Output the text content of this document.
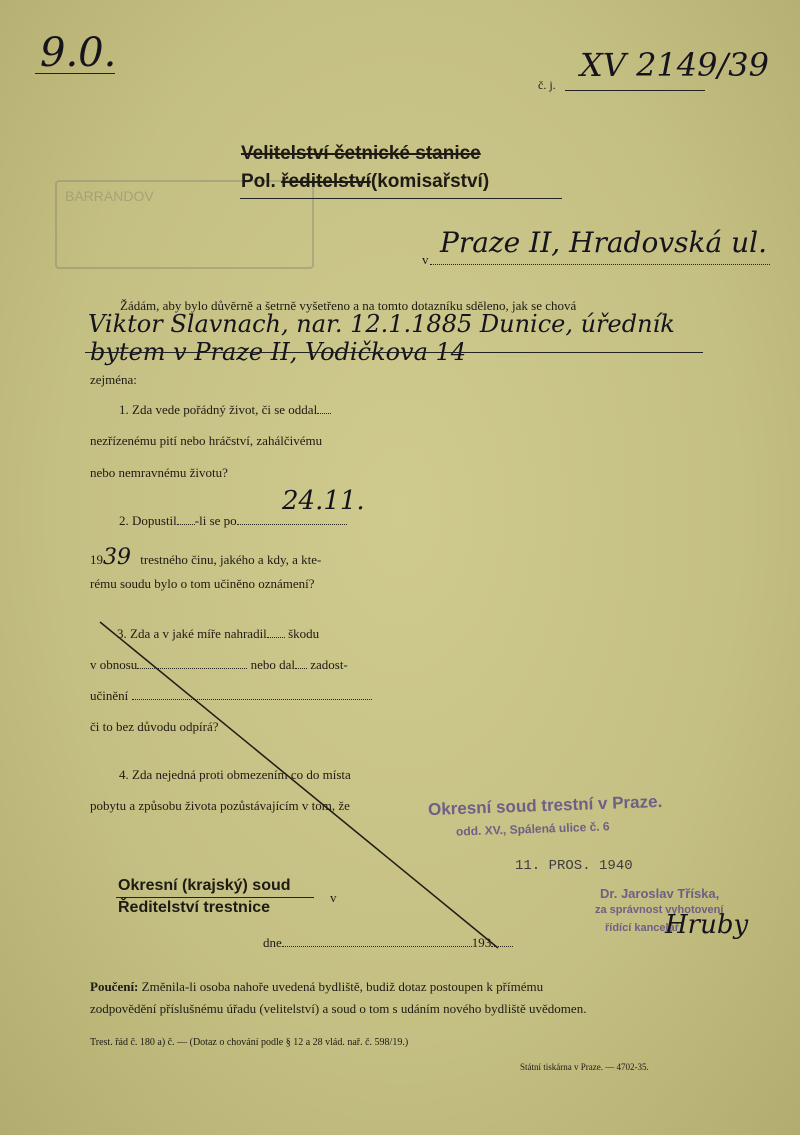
BARRANDOV
9.0.
č. j.
XV 2149/39
Velitelství četnické stanice
Pol. ředitelství(komisařství)
v
Praze II, Hradovská ul.
Žádám, aby bylo důvěrně a šetrně vyšetřeno a na tomto dotazníku sděleno, jak se chová
Viktor Slavnach, nar. 12.1.1885 Dunice, úředník
bytem v Praze II, Vodičkova 14
zejména:
1. Zda vede pořádný život, či se oddal
nezřízenému pití nebo hráčství, zahálčivému
nebo nemravnému životu?
24.11.
2. Dopustil -li se po
1939 trestného činu, jakého a kdy, a kte-
rému soudu bylo o tom učiněno oznámení?
3. Zda a v jaké míře nahradil škodu
v obnosu	nebo dal zadost-
učinění
či to bez důvodu odpírá?
4. Zda nejedná proti obmezením co do místa
pobytu a způsobu života pozůstávajícím v tom, že
Okresní (krajský) soud
Ředitelství trestnice
v
dne	193
Okresní soud trestní v Praze.
odd. XV., Spálená ulice č. 6
11. PROS. 1940
Dr. Jaroslav Tříska,
za správnost vyhotovení
řídící kancelář
Hruby
Poučení: Změnila-li osoba nahoře uvedená bydliště, budiž dotaz postoupen k přímému
zodpovědění příslušnému úřadu (velitelství) a soud o tom s udáním nového bydliště uvědomen.
Trest. řád č. 180 a) č. — (Dotaz o chování podle § 12 a 28 vlád. nař. č. 598/19.)
Státní tiskárna v Praze. — 4702-35.
